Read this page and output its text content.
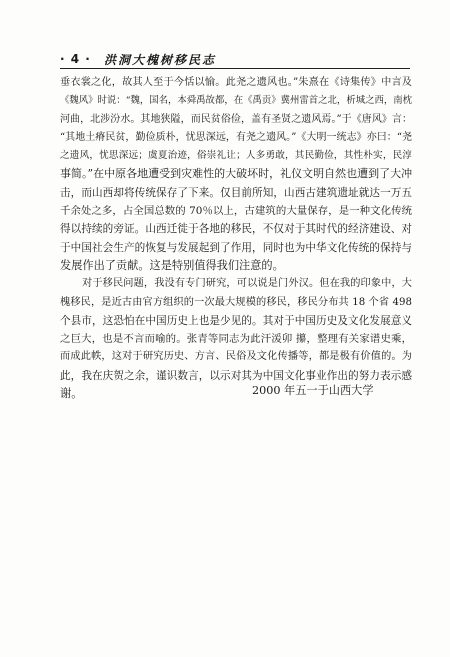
· 4 ·	洪洞大槐树移民志
垂衣裳之化，故其人至于今恬以愉。此尧之遗风也。”朱熹在《诗集传》中言及
《魏风》时说：“魏，国名，本舜禹故都，在《禹贡》冀州雷首之北，析城之西，南枕
河曲，北涉汾水。其地狭隘，而民贫俗俭，盖有圣贤之遗风焉。”于《唐风》言：
“其地土瘠民贫，勤俭质朴，忧思深远，有尧之遗风。”《大明一统志》亦曰：“尧
之遗风，忧思深远；虞夏治迹，俗崇礼让；人多勇敢，其民勤俭，其性朴实，民淳
事简。”在中原各地遭受到灾难性的大破坏时，礼仪文明自然也遭到了大冲
击，而山西却将传统保存了下来。仅目前所知，山西古建筑遗址就达一万五
千余处之多，占全国总数的 70％以上，古建筑的大量保存，是一种文化传统
得以持续的旁证。山西迁徙于各地的移民，不仅对于其时代的经济建设、对
于中国社会生产的恢复与发展起到了作用，同时也为中华文化传统的保持与
发展作出了贡献。这是特别值得我们注意的。
对于移民问题，我没有专门研究，可以说是门外汉。但在我的印象中，大
槐移民，是近古由官方组织的一次最大规模的移民，移民分布共 18 个省 498
个县市，这恐怕在中国历史上也是少见的。其对于中国历史及文化发展意义
之巨大，也是不言而喻的。张青等同志为此汗湲卯 攥，整理有关家谱史乘，
而成此帙，这对于研究历史、方言、民俗及文化传播等，都是极有价值的。为
此，我在庆贺之余，谨识数言，以示对其为中国文化事业作出的努力表示感
谢。	2000 年五一于山西大学
